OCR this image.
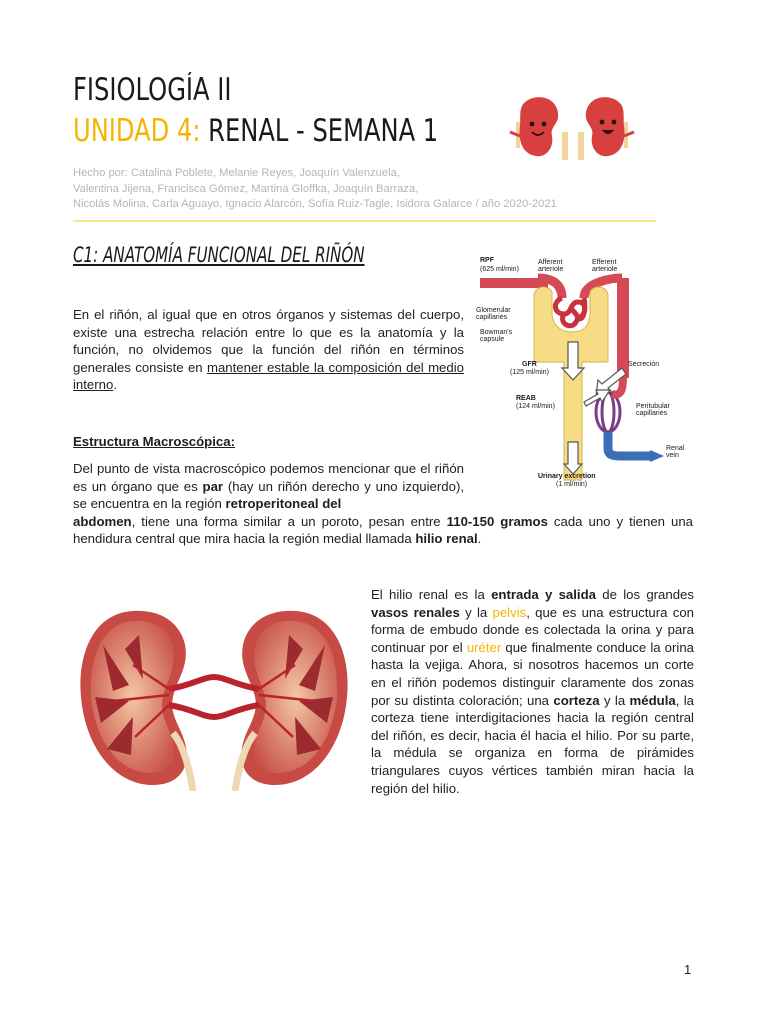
FISIOLOGÍA II
UNIDAD 4: RENAL - SEMANA 1
Hecho por: Catalina Poblete, Melanie Reyes, Joaquín Valenzuela,
Valentina Jijena, Francisca Gómez, Martina Gloffka, Joaquín Barraza,
Nicolás Molina, Carla Aguayo, Ignacio Alarcón, Sofía Ruiz-Tagle, Isidora Galarce / año 2020-2021
C1: ANATOMÍA FUNCIONAL DEL RIÑÓN	RPF
(625 ml/min)
Afferent
arteriole
Efferent
arteriole
Glomerular
capillaries
Bowman's
capsule
GFR
(125 ml/min)
Secreción
REAB
(124 ml/min)	Peritubular
capillaries
Renal
vein
Urinary excretion
(1 ml/min)

En el riñón, al igual que en otros órganos y sistemas del cuerpo, existe una estrecha relación entre lo que es la anatomía y la función, no olvidemos que la función del riñón en términos generales consiste en mantener estable la composición del medio interno.

Estructura Macroscópica:

Del punto de vista macroscópico podemos mencionar que el riñón es un órgano que es par (hay un riñón derecho y uno izquierdo), se encuentra en la región retroperitoneal del
abdomen, tiene una forma similar a un poroto, pesan entre 110-150 gramos cada uno y tienen una hendidura central que mira hacia la región medial llamada hilio renal.

El hilio renal es la entrada y salida de los grandes vasos renales y la pelvis, que es una estructura con forma de embudo donde es colectada la orina y para continuar por el uréter que finalmente conduce la orina hasta la vejiga. Ahora, si nosotros hacemos un corte en el riñón podemos distinguir claramente dos zonas por su distinta coloración; una corteza y la médula, la corteza tiene interdigitaciones hacia la región central del riñón, es decir, hacia él hacia el hilio. Por su parte, la médula se organiza en forma de pirámides triangulares cuyos vértices también miran hacia la región del hilio.

1
